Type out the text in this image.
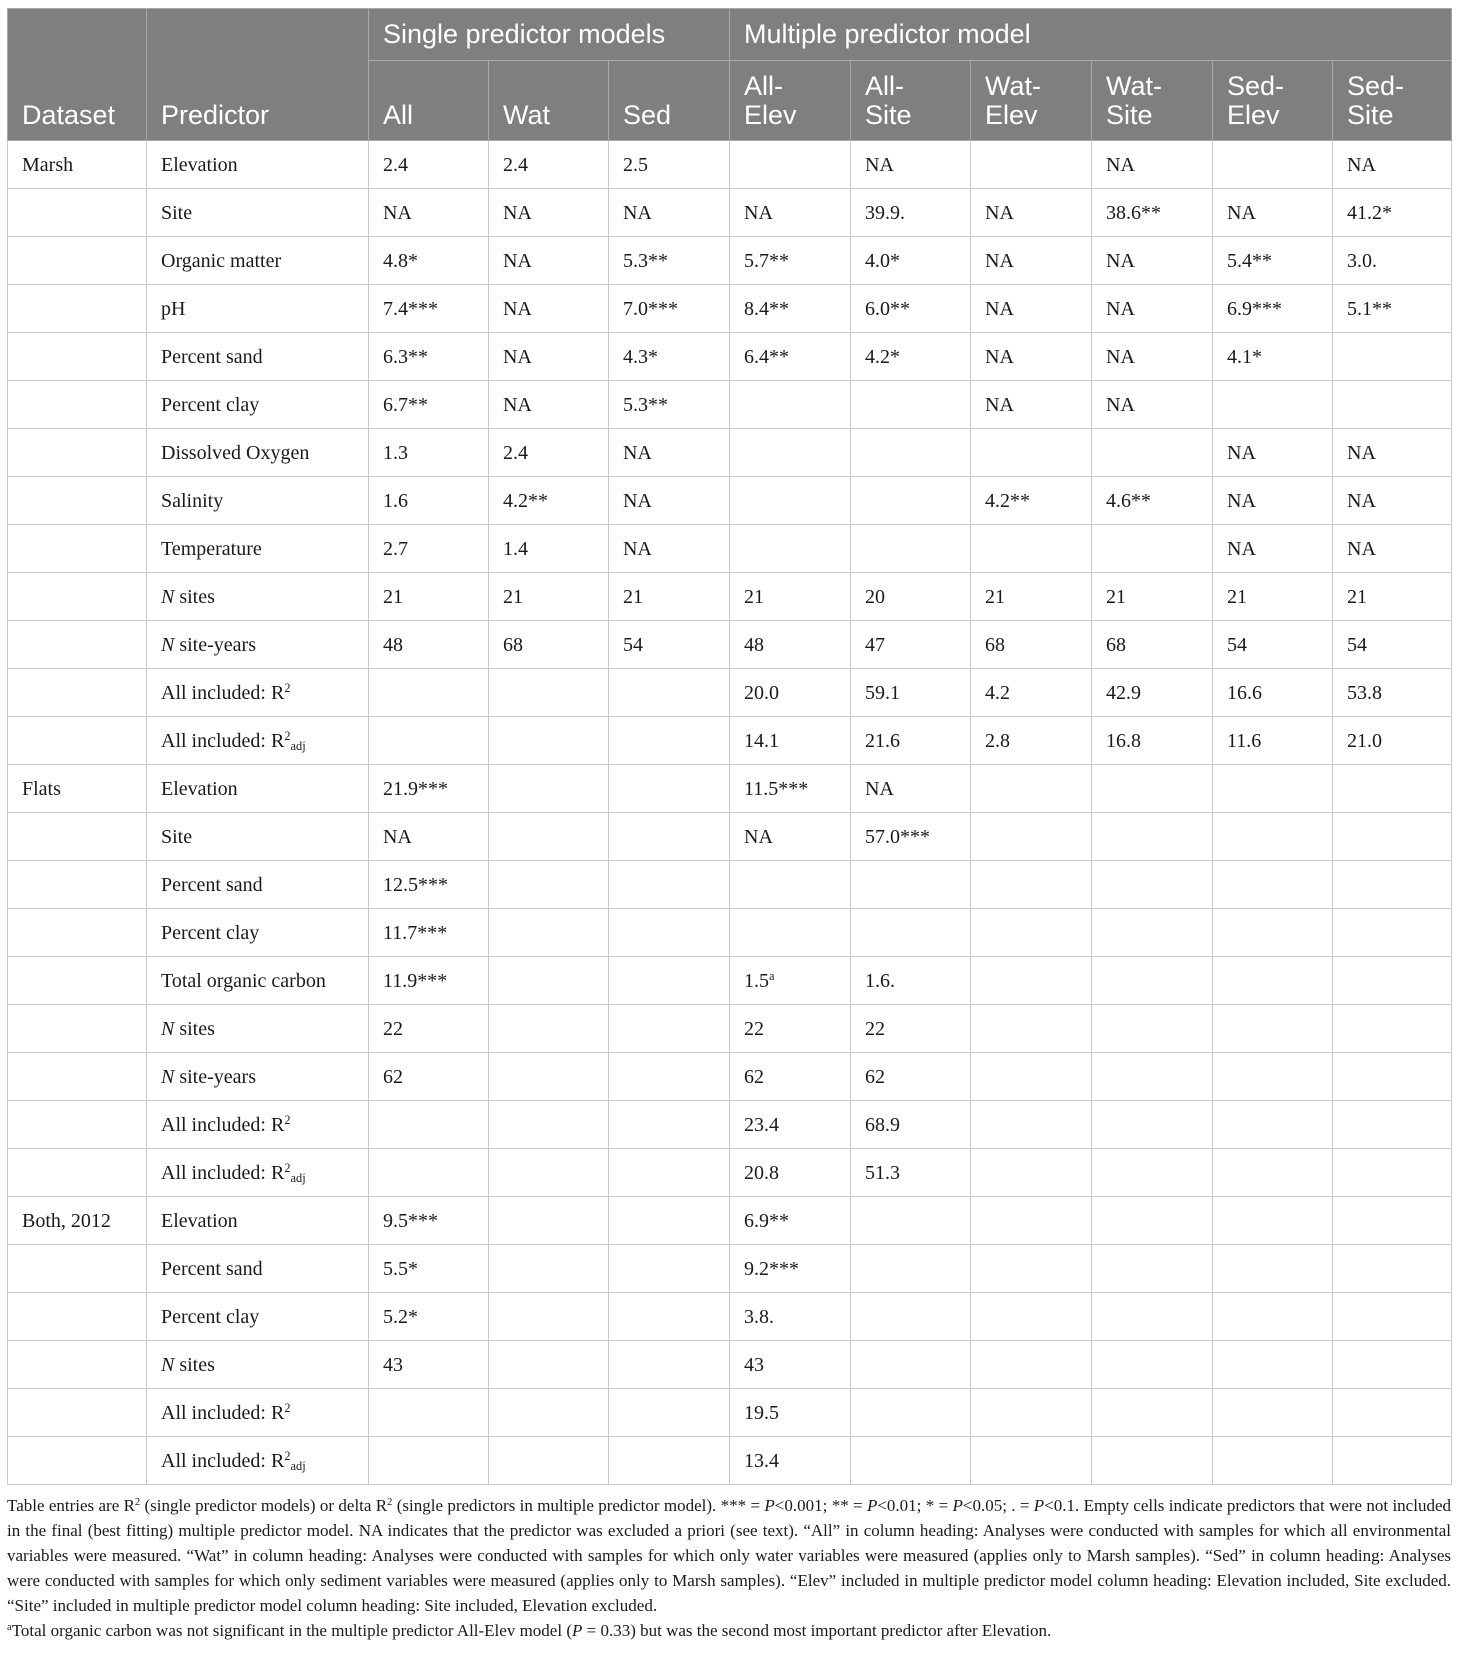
Dataset	Predictor	Single predictor models			Multiple predictor model					
		All	Wat	Sed	All-Elev	All-Site	Wat-Elev	Wat-Site	Sed-Elev	Sed-Site
Marsh	Elevation	2.4	2.4	2.5		NA		NA		NA
	Site	NA	NA	NA	NA	39.9.	NA	38.6**	NA	41.2*
	Organic matter	4.8*	NA	5.3**	5.7**	4.0*	NA	NA	5.4**	3.0.
	pH	7.4***	NA	7.0***	8.4**	6.0**	NA	NA	6.9***	5.1**
	Percent sand	6.3**	NA	4.3*	6.4**	4.2*	NA	NA	4.1*	
	Percent clay	6.7**	NA	5.3**			NA	NA		
	Dissolved Oxygen	1.3	2.4	NA					NA	NA
	Salinity	1.6	4.2**	NA			4.2**	4.6**	NA	NA
	Temperature	2.7	1.4	NA					NA	NA
	N sites	21	21	21	21	20	21	21	21	21
	N site-years	48	68	54	48	47	68	68	54	54
	All included: $R^2$				20.0	59.1	4.2	42.9	16.6	53.8
	All included: $R^2_{adj}$				14.1	21.6	2.8	16.8	11.6	21.0
Flats	Elevation	21.9***			11.5***	NA				
	Site	NA			NA	57.0***				
	Percent sand	12.5***								
	Percent clay	11.7***								
	Total organic carbon	11.9***			1.5$^a$	1.6.				
	N sites	22			22	22				
	N site-years	62			62	62				
	All included: $R^2$				23.4	68.9				
	All included: $R^2_{adj}$				20.8	51.3				
Both, 2012	Elevation	9.5***			6.9**					
	Percent sand	5.5*			9.2***					
	Percent clay	5.2*			3.8.					
	N sites	43			43					
	All included: $R^2$				19.5					
	All included: $R^2_{adj}$				13.4					

Table entries are $R^2$ (single predictor models) or delta $R^2$ (single predictors in multiple predictor model). *** = P<0.001; ** = P<0.01; * = P<0.05; . = P<0.1. Empty cells indicate predictors that were not included in the final (best fitting) multiple predictor model. NA indicates that the predictor was excluded a priori (see text). “All” in column heading: Analyses were conducted with samples for which all environmental variables were measured. “Wat” in column heading: Analyses were conducted with samples for which only water variables were measured (applies only to Marsh samples). “Sed” in column heading: Analyses were conducted with samples for which only sediment variables were measured (applies only to Marsh samples). “Elev” included in multiple predictor model column heading: Elevation included, Site excluded. “Site” included in multiple predictor model column heading: Site included, Elevation excluded.

$^a$Total organic carbon was not significant in the multiple predictor All-Elev model (P = 0.33) but was the second most important predictor after Elevation.
